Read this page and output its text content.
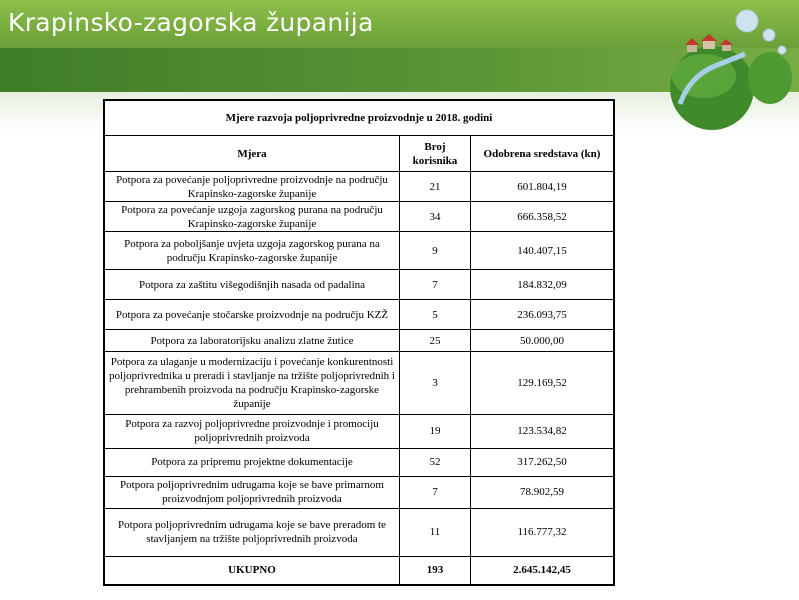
Krapinsko-zagorska županija
Mjere razvoja poljoprivredne proizvodnje u 2018. godini		
Mjera	Broj korisnika	Odobrena sredstava (kn)
Potpora za povećanje poljoprivredne proizvodnje na području Krapinsko-zagorske županije	21	601.804,19
Potpora za povećanje uzgoja zagorskog purana na području Krapinsko-zagorske županije	34	666.358,52
Potpora za poboljšanje uvjeta uzgoja zagorskog purana na području Krapinsko-zagorske županije	9	140.407,15
Potpora za zaštitu višegodišnjih nasada od padalina	7	184.832,09
Potpora za povećanje stočarske proizvodnje na području KZŽ	5	236.093,75
Potpora za laboratorijsku analizu zlatne žutice	25	50.000,00
Potpora za ulaganje u modernizaciju i povećanje konkurentnosti poljoprivrednika u preradi i stavljanje na tržište poljoprivrednih i prehrambenih proizvoda na području Krapinsko-zagorske županije	3	129.169,52
Potpora za razvoj poljoprivredne proizvodnje i promociju poljoprivrednih proizvoda	19	123.534,82
Potpora za pripremu projektne dokumentacije	52	317.262,50
Potpora poljoprivrednim udrugama koje se bave primarnom proizvodnjom poljoprivrednih proizvoda	7	78.902,59
Potpora poljoprivrednim udrugama koje se bave preradom te stavljanjem na tržište poljoprivrednih proizvoda	11	116.777,32
UKUPNO	193	2.645.142,45
